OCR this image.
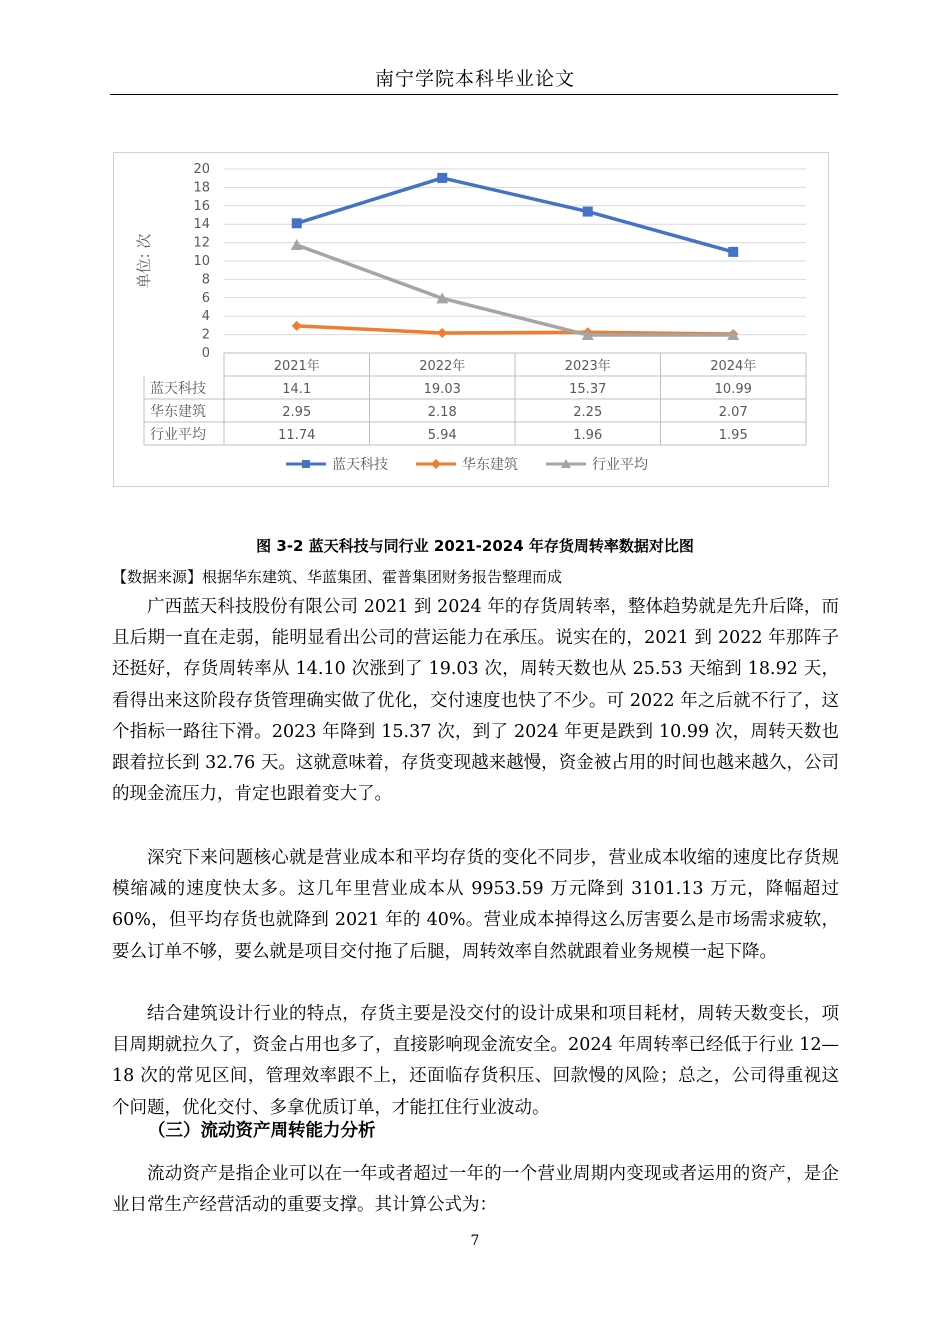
南宁学院本科毕业论文
0
2
4
6
8
10
12
14
16
18
20
单位: 次
2021年	2022年	2023年	2024年
蓝天科技	14.1	19.03	15.37	10.99
华东建筑	2.95	2.18	2.25	2.07
行业平均	11.74	5.94	1.96	1.95
蓝天科技	华东建筑	行业平均
图 3-2 蓝天科技与同行业 2021-2024 年存货周转率数据对比图
【数据来源】根据华东建筑、华蓝集团、霍普集团财务报告整理而成

广西蓝天科技股份有限公司 2021 到 2024 年的存货周转率，整体趋势就是先升后降，而且后期一直在走弱，能明显看出公司的营运能力在承压。说实在的，2021 到 2022 年那阵子还挺好，存货周转率从 14.10 次涨到了 19.03 次，周转天数也从 25.53 天缩到 18.92 天，看得出来这阶段存货管理确实做了优化，交付速度也快了不少。可 2022 年之后就不行了，这个指标一路往下滑。2023 年降到 15.37 次，到了 2024 年更是跌到 10.99 次，周转天数也跟着拉长到 32.76 天。这就意味着，存货变现越来越慢，资金被占用的时间也越来越久，公司的现金流压力，肯定也跟着变大了。

深究下来问题核心就是营业成本和平均存货的变化不同步，营业成本收缩的速度比存货规模缩减的速度快太多。这几年里营业成本从 9953.59 万元降到 3101.13 万元，降幅超过 60%，但平均存货也就降到 2021 年的 40%。营业成本掉得这么厉害要么是市场需求疲软，要么订单不够，要么就是项目交付拖了后腿，周转效率自然就跟着业务规模一起下降。

结合建筑设计行业的特点，存货主要是没交付的设计成果和项目耗材，周转天数变长，项目周期就拉久了，资金占用也多了，直接影响现金流安全。2024 年周转率已经低于行业 12—18 次的常见区间，管理效率跟不上，还面临存货积压、回款慢的风险；总之，公司得重视这个问题，优化交付、多拿优质订单，才能扛住行业波动。

（三）流动资产周转能力分析

流动资产是指企业可以在一年或者超过一年的一个营业周期内变现或者运用的资产，是企业日常生产经营活动的重要支撑。其计算公式为：

7
